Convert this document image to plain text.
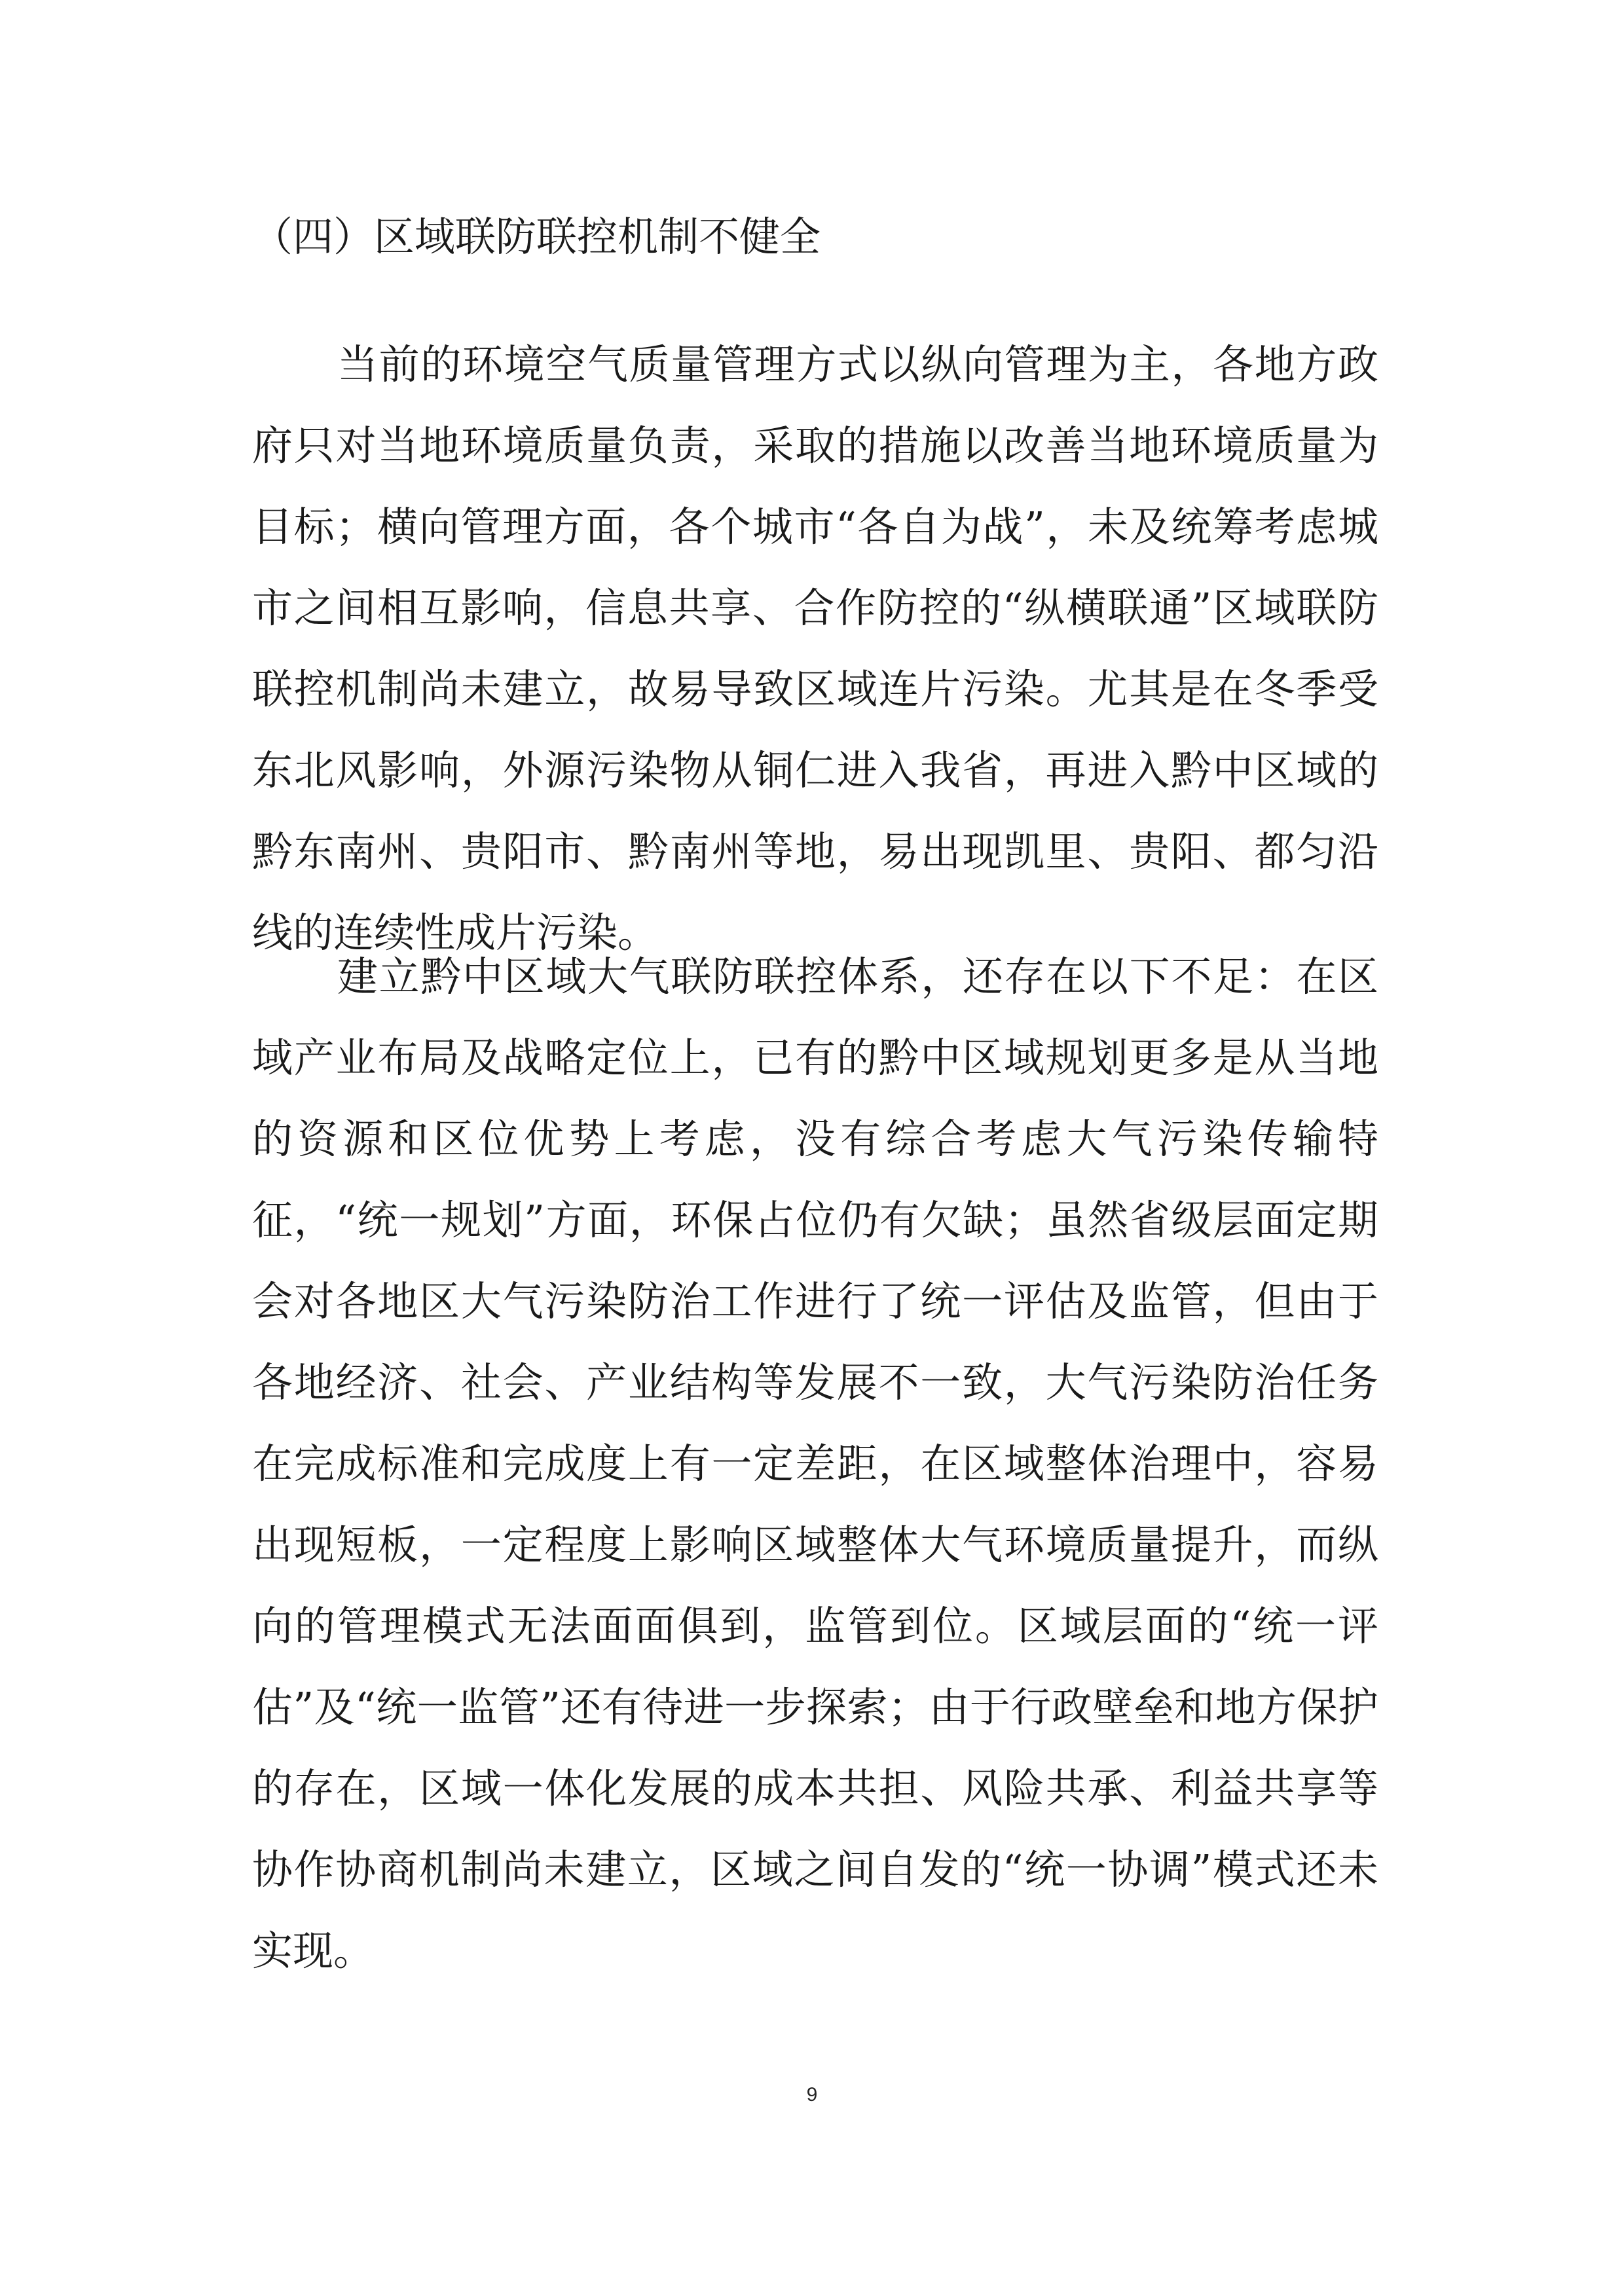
（四）区域联防联控机制不健全

当前的环境空气质量管理方式以纵向管理为主，各地方政府只对当地环境质量负责，采取的措施以改善当地环境质量为目标；横向管理方面，各个城市“各自为战”，未及统筹考虑城市之间相互影响，信息共享、合作防控的“纵横联通”区域联防联控机制尚未建立，故易导致区域连片污染。尤其是在冬季受东北风影响，外源污染物从铜仁进入我省，再进入黔中区域的黔东南州、贵阳市、黔南州等地，易出现凯里、贵阳、都匀沿线的连续性成片污染。

建立黔中区域大气联防联控体系，还存在以下不足：在区域产业布局及战略定位上，已有的黔中区域规划更多是从当地的资源和区位优势上考虑，没有综合考虑大气污染传输特征，“统一规划”方面，环保占位仍有欠缺；虽然省级层面定期会对各地区大气污染防治工作进行了统一评估及监管，但由于各地经济、社会、产业结构等发展不一致，大气污染防治任务在完成标准和完成度上有一定差距，在区域整体治理中，容易出现短板，一定程度上影响区域整体大气环境质量提升，而纵向的管理模式无法面面俱到，监管到位。区域层面的“统一评估”及“统一监管”还有待进一步探索；由于行政壁垒和地方保护的存在，区域一体化发展的成本共担、风险共承、利益共享等协作协商机制尚未建立，区域之间自发的“统一协调”模式还未实现。

9
